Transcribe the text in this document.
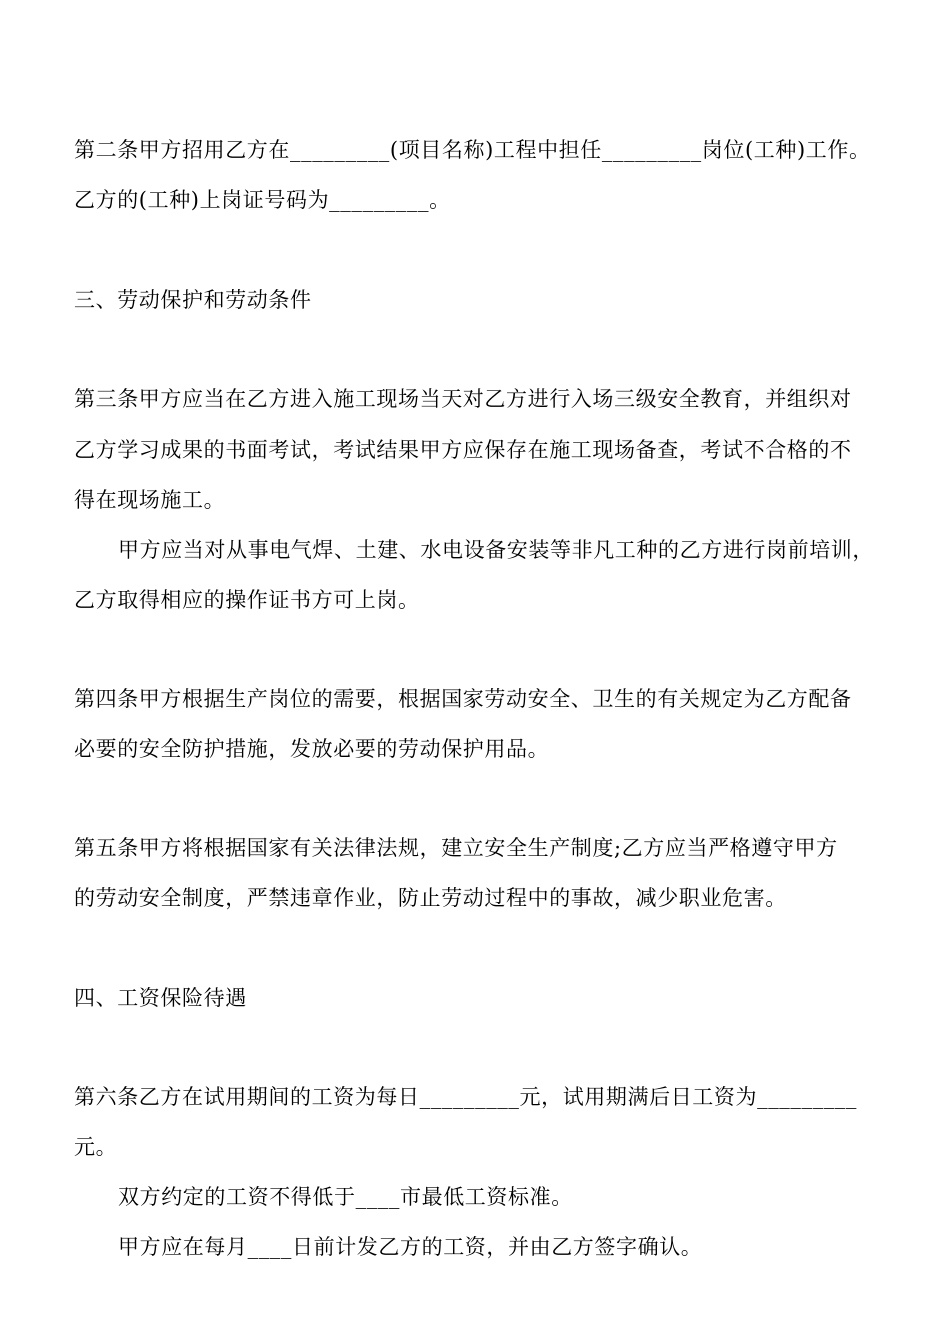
第二条甲方招用乙方在_________(项目名称)工程中担任_________岗位(工种)工作。
乙方的(工种)上岗证号码为_________。
三、劳动保护和劳动条件
第三条甲方应当在乙方进入施工现场当天对乙方进行入场三级安全教育，并组织对
乙方学习成果的书面考试，考试结果甲方应保存在施工现场备查，考试不合格的不
得在现场施工。
甲方应当对从事电气焊、土建、水电设备安装等非凡工种的乙方进行岗前培训，
乙方取得相应的操作证书方可上岗。
第四条甲方根据生产岗位的需要，根据国家劳动安全、卫生的有关规定为乙方配备
必要的安全防护措施，发放必要的劳动保护用品。
第五条甲方将根据国家有关法律法规，建立安全生产制度;乙方应当严格遵守甲方
的劳动安全制度，严禁违章作业，防止劳动过程中的事故，减少职业危害。
四、工资保险待遇
第六条乙方在试用期间的工资为每日_________元，试用期满后日工资为_________
元。
双方约定的工资不得低于____市最低工资标准。
甲方应在每月____日前计发乙方的工资，并由乙方签字确认。
